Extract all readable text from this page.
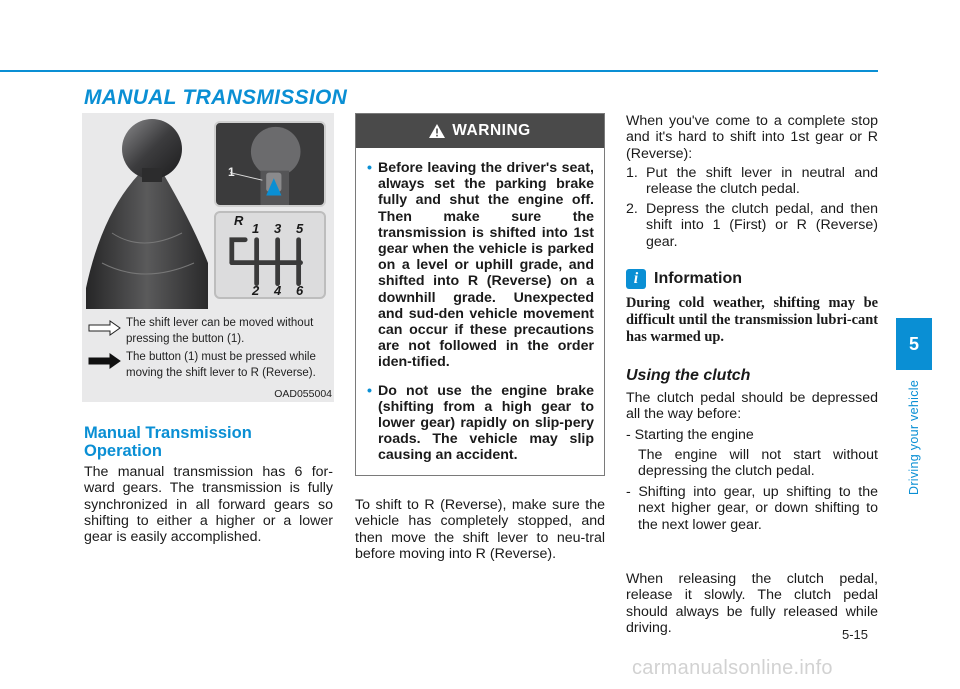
MANUAL TRANSMISSION
1
R
1 3 5
2 4 6
The shift lever can be moved without pressing the button (1).
The button (1) must be pressed while moving the shift lever to R (Reverse).
OAD055004
Manual Transmission Operation
The manual transmission has 6 for-ward gears. The transmission is fully synchronized in all forward gears so shifting to either a higher or a lower gear is easily accomplished.
WARNING
• Before leaving the driver's seat, always set the parking brake fully and shut the engine off. Then make sure the transmission is shifted into 1st gear when the vehicle is parked on a level or uphill grade, and shifted into R (Reverse) on a downhill grade. Unexpected and sud-den vehicle movement can occur if these precautions are not followed in the order iden-tified.
• Do not use the engine brake (shifting from a high gear to lower gear) rapidly on slip-pery roads. The vehicle may slip causing an accident.
To shift to R (Reverse), make sure the vehicle has completely stopped, and then move the shift lever to neu-tral before moving into R (Reverse).
When you've come to a complete stop and it's hard to shift into 1st gear or R (Reverse):
1. Put the shift lever in neutral and release the clutch pedal.
2. Depress the clutch pedal, and then shift into 1 (First) or R (Reverse) gear.
i Information
During cold weather, shifting may be difficult until the transmission lubri-cant has warmed up.
Using the clutch
The clutch pedal should be depressed all the way before:
- Starting the engine
The engine will not start without depressing the clutch pedal.
- Shifting into gear, up shifting to the next higher gear, or down shifting to the next lower gear.
When releasing the clutch pedal, release it slowly. The clutch pedal should always be fully released while driving.
5
Driving your vehicle
5-15
carmanualsonline.info
